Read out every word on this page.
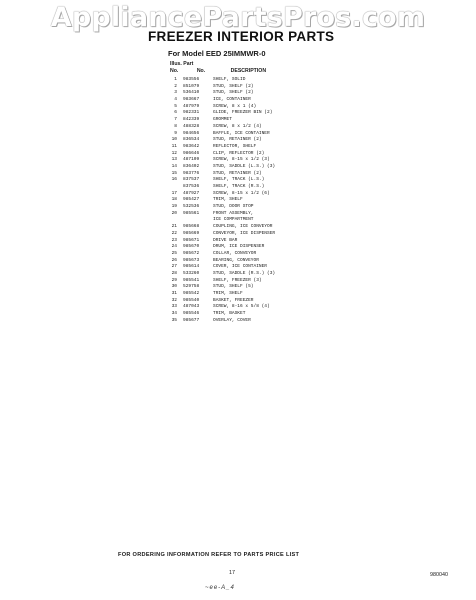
AppliancePartsPros.com
FREEZER INTERIOR PARTS
For Model EED 25IMMWR-0
Illus. Part
No.	No.	DESCRIPTION
1	983556	SHELF, SOLID
2	851079	STUD, SHELF (2)
3	536410	STUD, SHELF (2)
4	983667	ICE, CONTAINER
5	487979	SCREW, 8 x 1 (4)
6	982331	GLIDE, FREEZER BIN (2)
7	842339	GROMMET
8	488328	SCREW, 8 x 1/2 (4)
9	984656	BAFFLE, ICE CONTAINER
10	836534	STUD, RETAINER (2)
11	983642	REFLECTOR, SHELF
12	986646	CLIP, REFLECTOR (2)
13	487109	SCREW, 8-15 x 1/2 (3)
14	836402	STUD, SADDLE (L.S.) (3)
15	983776	STUD, RETAINER (2)
16	837537	SHELF, TRACK (L.S.)
837536	SHELF, TRACK (R.S.)
17	487927	SCREW, 8-15 x 1/2 (6)
18	985427	TRIM, SHELF
19	532536	STUD, DOOR STOP
20	985561	FRONT ASSEMBLY,
ICE COMPARTMENT
21	985668	COUPLING, ICE CONVEYOR
22	985669	CONVEYOR, ICE DISPENSER
23	985671	DRIVE BAR
24	985670	DRUM, ICE DISPENSER
25	985672	COLLAR, CONVEYOR
26	985673	BEARING, CONVEYOR
27	985614	COVER, ICE CONTAINER
28	533260	STUD, SADDLE (R.S.) (3)
29	985541	SHELF, FREEZER (3)
30	529758	STUD, SHELF (5)
31	985542	TRIM, SHELF
32	985540	BASKET, FREEZER
33	487043	SCREW, 8-16 x 5/8 (4)
34	985546	TRIM, BASKET
35	985677	OVERLAY, COVER
FOR ORDERING INFORMATION REFER TO PARTS PRICE LIST
17	980040
~ee-A_4
